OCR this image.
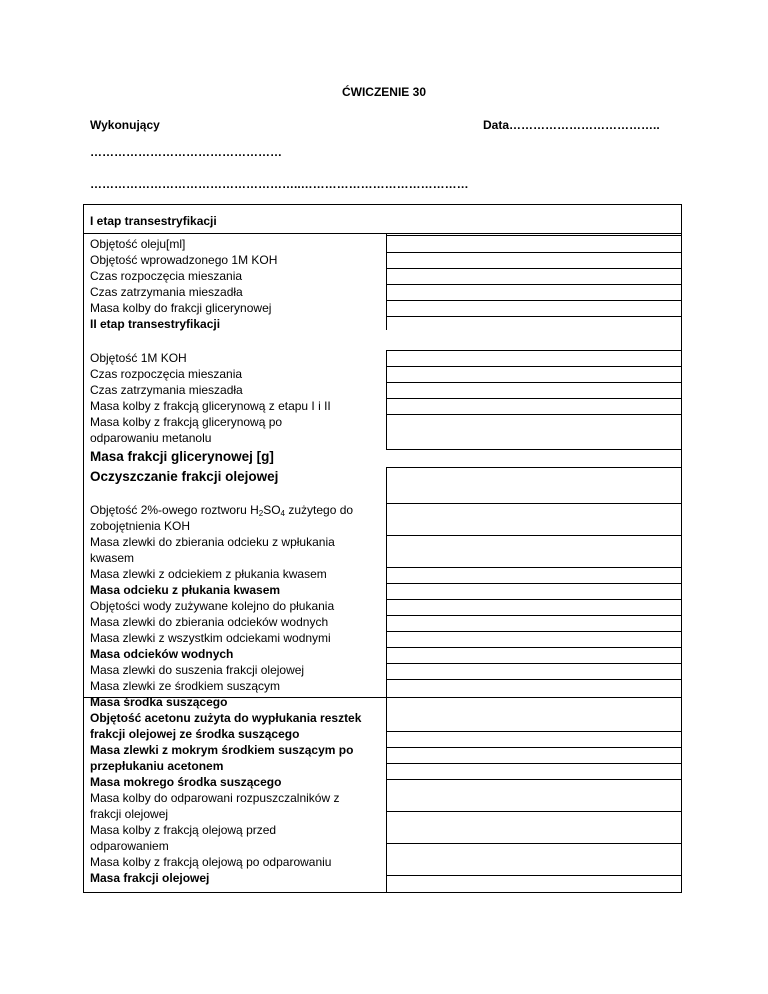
ĆWICZENIE 30
Wykonujący	Data………………………………..
…………………………………………
……………………………………………..……………………………………
I etap transestryfikacji
Objętość oleju[ml]
Objętość wprowadzonego 1M KOH
Czas rozpoczęcia mieszania
Czas zatrzymania mieszadła
Masa kolby do frakcji glicerynowej
II etap transestryfikacji
Objętość 1M KOH
Czas rozpoczęcia mieszania
Czas zatrzymania mieszadła
Masa kolby z frakcją glicerynową z etapu I i II
Masa kolby z frakcją glicerynową po
odparowaniu metanolu
Masa frakcji glicerynowej [g]
Oczyszczanie frakcji olejowej
Objętość 2%-owego roztworu $H_2SO_4$ zużytego do
zobojętnienia KOH
Masa zlewki do zbierania odcieku z wpłukania
kwasem
Masa zlewki z odciekiem z płukania kwasem
Masa odcieku z płukania kwasem
Objętości wody zużywane kolejno do płukania
Masa zlewki do zbierania odcieków wodnych
Masa zlewki z wszystkim odciekami wodnymi
Masa odcieków wodnych
Masa zlewki do suszenia frakcji olejowej
Masa zlewki ze środkiem suszącym
Masa środka suszącego
Objętość acetonu zużyta do wypłukania resztek
frakcji olejowej ze środka suszącego
Masa zlewki z mokrym środkiem suszącym po
przepłukaniu acetonem
Masa mokrego środka suszącego
Masa kolby do odparowani rozpuszczalników z
frakcji olejowej
Masa kolby z frakcją olejową przed
odparowaniem
Masa kolby z frakcją olejową po odparowaniu
Masa frakcji olejowej
